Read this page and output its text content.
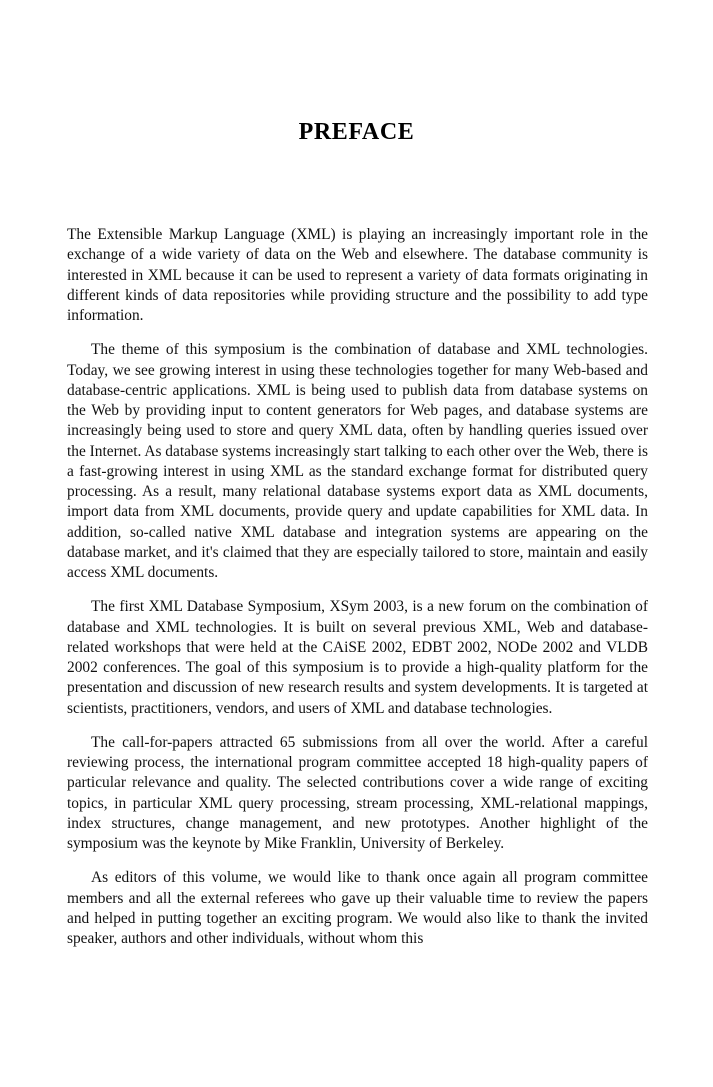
PREFACE

The Extensible Markup Language (XML) is playing an increasingly important role in the exchange of a wide variety of data on the Web and elsewhere. The database community is interested in XML because it can be used to represent a variety of data formats originating in different kinds of data repositories while providing structure and the possibility to add type information.

The theme of this symposium is the combination of database and XML technologies. Today, we see growing interest in using these technologies together for many Web-based and database-centric applications. XML is being used to publish data from database systems on the Web by providing input to content generators for Web pages, and database systems are increasingly being used to store and query XML data, often by handling queries issued over the Internet. As database systems increasingly start talking to each other over the Web, there is a fast-growing interest in using XML as the standard exchange format for distributed query processing. As a result, many relational database systems export data as XML documents, import data from XML documents, provide query and update capabilities for XML data. In addition, so-called native XML database and integration systems are appearing on the database market, and it's claimed that they are especially tailored to store, maintain and easily access XML documents.

The first XML Database Symposium, XSym 2003, is a new forum on the combination of database and XML technologies. It is built on several previous XML, Web and database-related workshops that were held at the CAiSE 2002, EDBT 2002, NODe 2002 and VLDB 2002 conferences. The goal of this symposium is to provide a high-quality platform for the presentation and discussion of new research results and system developments. It is targeted at scientists, practitioners, vendors, and users of XML and database technologies.

The call-for-papers attracted 65 submissions from all over the world. After a careful reviewing process, the international program committee accepted 18 high-quality papers of particular relevance and quality. The selected contributions cover a wide range of exciting topics, in particular XML query processing, stream processing, XML-relational mappings, index structures, change management, and new prototypes. Another highlight of the symposium was the keynote by Mike Franklin, University of Berkeley.

As editors of this volume, we would like to thank once again all program committee members and all the external referees who gave up their valuable time to review the papers and helped in putting together an exciting program. We would also like to thank the invited speaker, authors and other individuals, without whom this
